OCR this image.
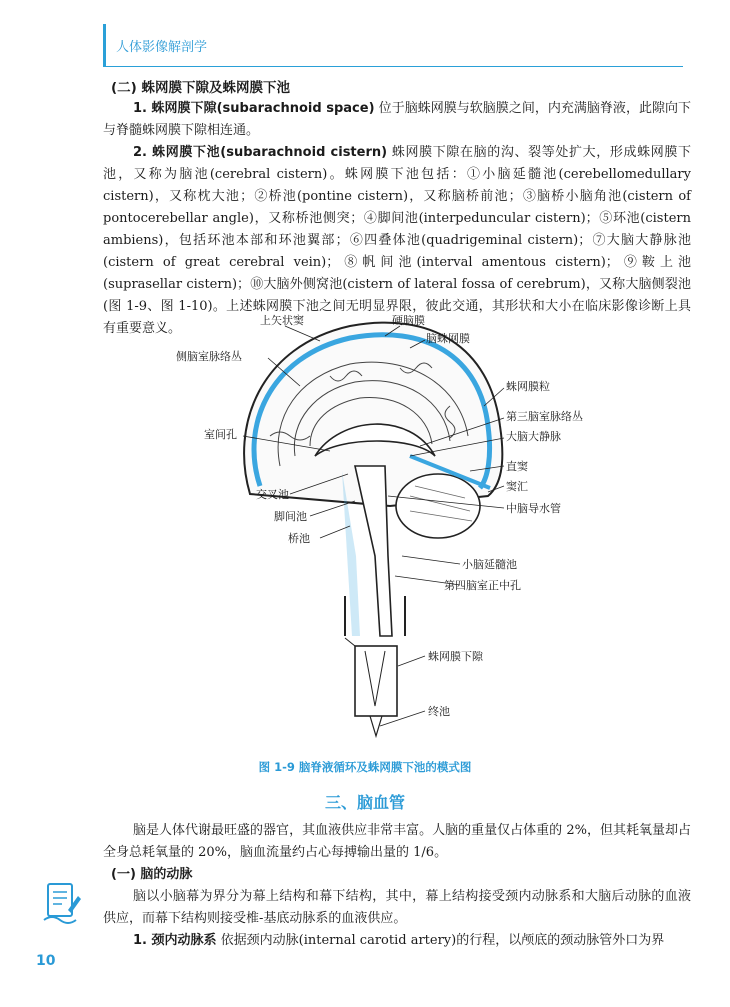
人体影像解剖学
(二) 蛛网膜下隙及蛛网膜下池

1. 蛛网膜下隙(subarachnoid space) 位于脑蛛网膜与软脑膜之间，内充满脑脊液，此隙向下与脊髓蛛网膜下隙相连通。

2. 蛛网膜下池(subarachnoid cistern) 蛛网膜下隙在脑的沟、裂等处扩大，形成蛛网膜下池，又称为脑池(cerebral cistern)。蛛网膜下池包括：①小脑延髓池(cerebellomedullary cistern)，又称枕大池；②桥池(pontine cistern)，又称脑桥前池；③脑桥小脑角池(cistern of pontocerebellar angle)，又称桥池侧突；④脚间池(interpeduncular cistern)；⑤环池(cistern ambiens)，包括环池本部和环池翼部；⑥四叠体池(quadrigeminal cistern)；⑦大脑大静脉池(cistern of great cerebral vein)；⑧帆间池(interval amentous cistern)；⑨鞍上池(suprasellar cistern)；⑩大脑外侧窝池(cistern of lateral fossa of cerebrum)，又称大脑侧裂池(图 1-9、图 1-10)。上述蛛网膜下池之间无明显界限，彼此交通，其形状和大小在临床影像诊断上具有重要意义。

上矢状窦	硬脑膜
脑蛛网膜
侧脑室脉络丛
蛛网膜粒
第三脑室脉络丛
大脑大静脉
室间孔
直窦
窦汇
交叉池
中脑导水管
脚间池
桥池
小脑延髓池
第四脑室正中孔
蛛网膜下隙
终池
图 1-9 脑脊液循环及蛛网膜下池的模式图
三、脑血管

脑是人体代谢最旺盛的器官，其血液供应非常丰富。人脑的重量仅占体重的 2%，但其耗氧量却占全身总耗氧量的 20%，脑血流量约占心每搏输出量的 1/6。

(一) 脑的动脉

脑以小脑幕为界分为幕上结构和幕下结构，其中，幕上结构接受颈内动脉系和大脑后动脉的血液供应，而幕下结构则接受椎-基底动脉系的血液供应。

1. 颈内动脉系 依据颈内动脉(internal carotid artery)的行程，以颅底的颈动脉管外口为界

10
